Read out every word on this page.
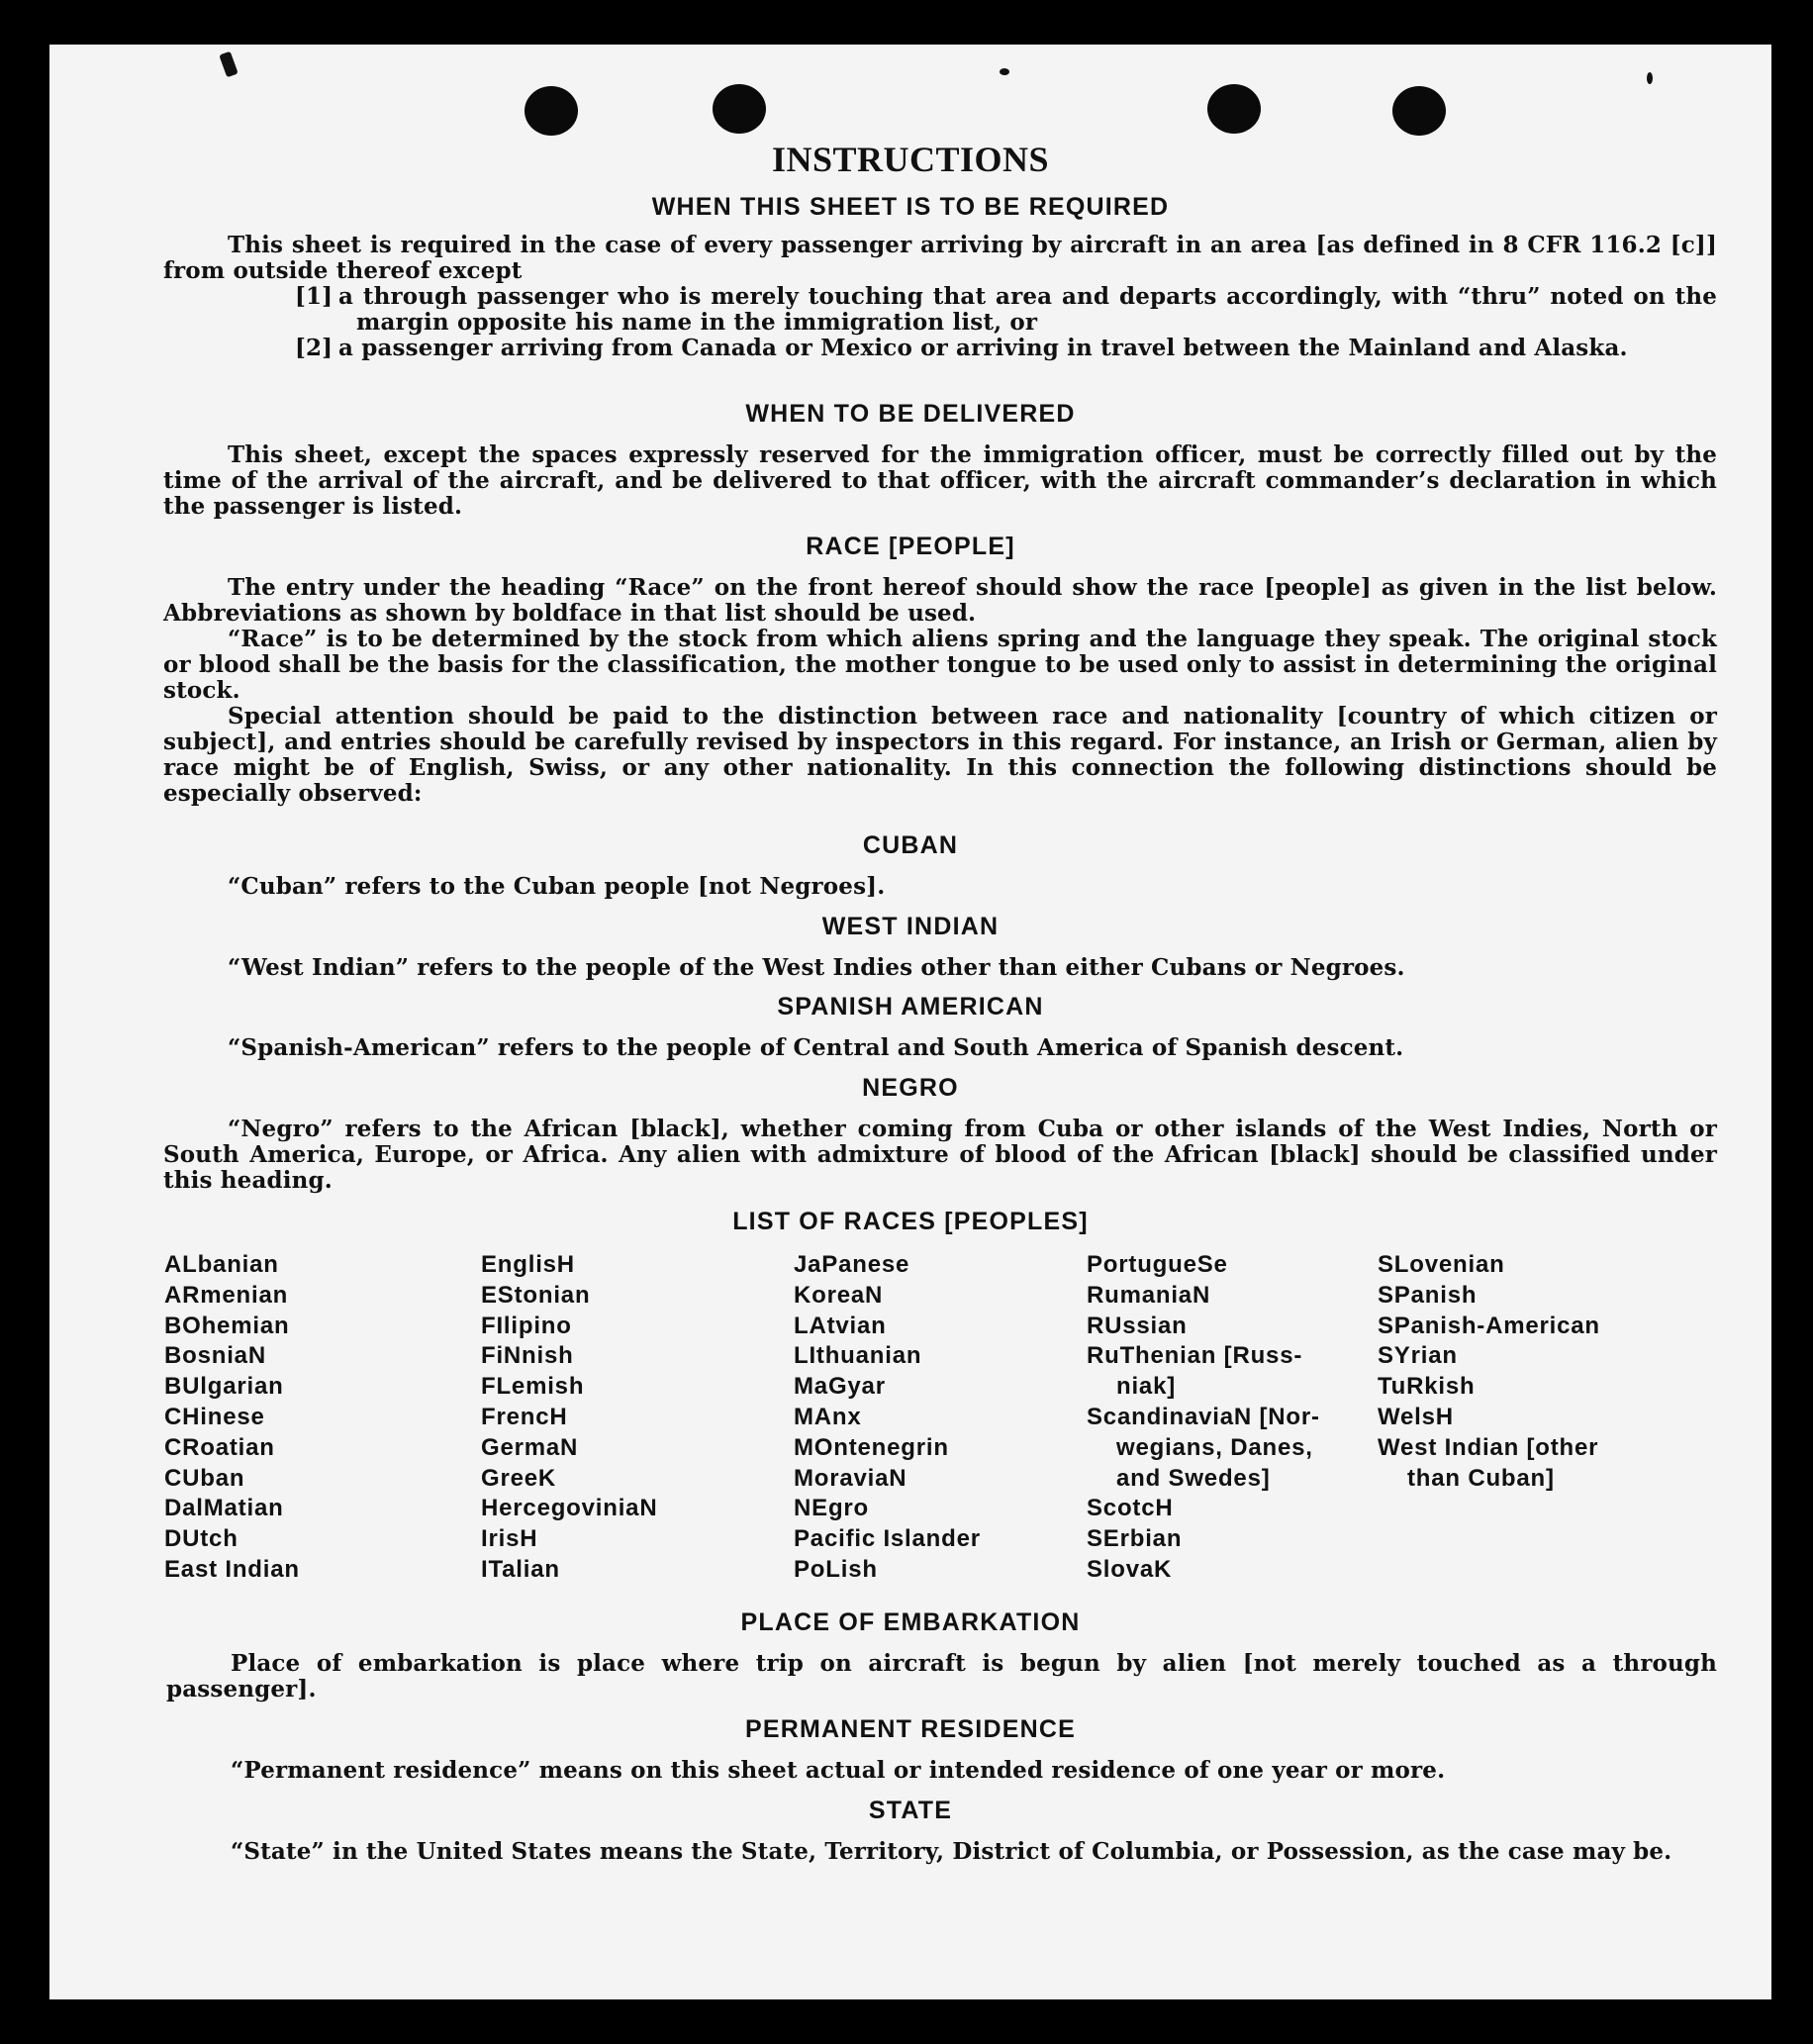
INSTRUCTIONS
WHEN THIS SHEET IS TO BE REQUIRED
This sheet is required in the case of every passenger arriving by aircraft in an area [as defined in 8 CFR 116.2 [c]] from outside thereof except
[1] a through passenger who is merely touching that area and departs accordingly, with “thru” noted on the margin opposite his name in the immigration list, or
[2] a passenger arriving from Canada or Mexico or arriving in travel between the Mainland and Alaska.
WHEN TO BE DELIVERED
This sheet, except the spaces expressly reserved for the immigration officer, must be correctly filled out by the time of the arrival of the aircraft, and be delivered to that officer, with the aircraft commander’s declaration in which the passenger is listed.
RACE [PEOPLE]
The entry under the heading “Race” on the front hereof should show the race [people] as given in the list below. Abbreviations as shown by boldface in that list should be used.
“Race” is to be determined by the stock from which aliens spring and the language they speak. The original stock or blood shall be the basis for the classification, the mother tongue to be used only to assist in determining the original stock.
Special attention should be paid to the distinction between race and nationality [country of which citizen or subject], and entries should be carefully revised by inspectors in this regard. For instance, an Irish or German, alien by race might be of English, Swiss, or any other nationality. In this connection the following distinctions should be especially observed:
CUBAN
“Cuban” refers to the Cuban people [not Negroes].
WEST INDIAN
“West Indian” refers to the people of the West Indies other than either Cubans or Negroes.
SPANISH AMERICAN
“Spanish-American” refers to the people of Central and South America of Spanish descent.
NEGRO
“Negro” refers to the African [black], whether coming from Cuba or other islands of the West Indies, North or South America, Europe, or Africa. Any alien with admixture of blood of the African [black] should be classified under this heading.
LIST OF RACES [PEOPLES]
ALbanian
ARmenian
BOhemian
BosniaN
BUlgarian
CHinese
CRoatian
CUban
DalMatian
DUtch
East Indian
EnglisH
EStonian
FIlipino
FiNnish
FLemish
FrencH
GermaN
GreeK
HercegoviniaN
IrisH
ITalian
JaPanese
KoreaN
LAtvian
LIthuanian
MaGyar
MAnx
MOntenegrin
MoraviaN
NEgro
Pacific Islander
PoLish
PortugueSe
RumaniaN
RUssian
RuThenian [Russ-
niak]
ScandinaviaN [Nor-
wegians, Danes,
and Swedes]
ScotcH
SErbian
SlovaK
SLovenian
SPanish
SPanish-American
SYrian
TuRkish
WelsH
West Indian [other
than Cuban]
PLACE OF EMBARKATION
Place of embarkation is place where trip on aircraft is begun by alien [not merely touched as a through passenger].
PERMANENT RESIDENCE
“Permanent residence” means on this sheet actual or intended residence of one year or more.
STATE
“State” in the United States means the State, Territory, District of Columbia, or Possession, as the case may be.
